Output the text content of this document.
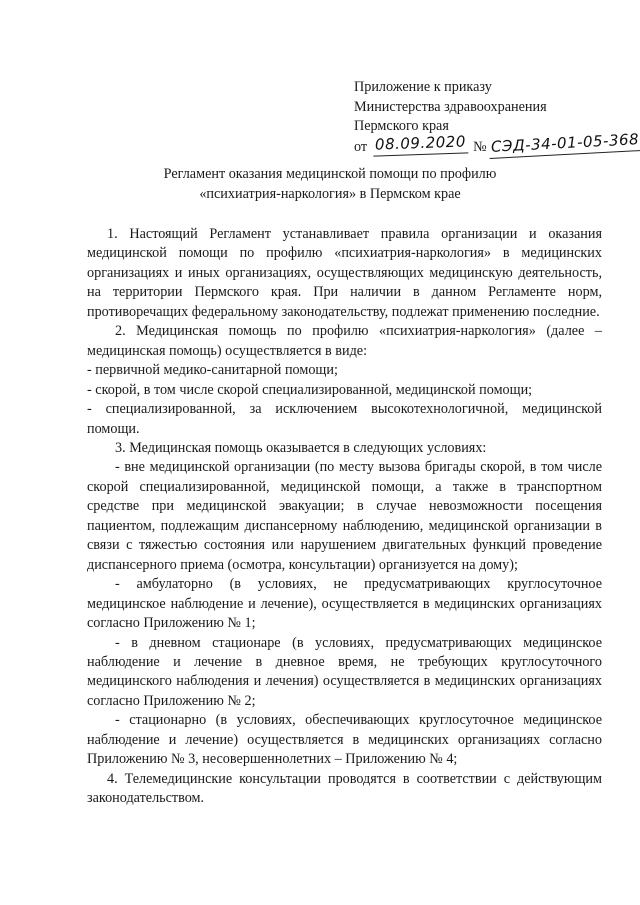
Приложение к приказу
Министерства здравоохранения
Пермского края
от 08.09.2020 № СЭД-34-01-05-368
Регламент оказания медицинской помощи по профилю
«психиатрия-наркология» в Пермском крае

1. Настоящий Регламент устанавливает правила организации и оказания медицинской помощи по профилю «психиатрия-наркология» в медицинских организациях и иных организациях, осуществляющих медицинскую деятельность, на территории Пермского края. При наличии в данном Регламенте норм, противоречащих федеральному законодательству, подлежат применению последние.

2. Медицинская помощь по профилю «психиатрия-наркология» (далее – медицинская помощь) осуществляется в виде:

- первичной медико-санитарной помощи;

- скорой, в том числе скорой специализированной, медицинской помощи;

- специализированной, за исключением высокотехнологичной, медицинской помощи.

3. Медицинская помощь оказывается в следующих условиях:

- вне медицинской организации (по месту вызова бригады скорой, в том числе скорой специализированной, медицинской помощи, а также в транспортном средстве при медицинской эвакуации; в случае невозможности посещения пациентом, подлежащим диспансерному наблюдению, медицинской организации в связи с тяжестью состояния или нарушением двигательных функций проведение диспансерного приема (осмотра, консультации) организуется на дому);

- амбулаторно (в условиях, не предусматривающих круглосуточное медицинское наблюдение и лечение), осуществляется в медицинских организациях согласно Приложению № 1;

- в дневном стационаре (в условиях, предусматривающих медицинское наблюдение и лечение в дневное время, не требующих круглосуточного медицинского наблюдения и лечения) осуществляется в медицинских организациях согласно Приложению № 2;

- стационарно (в условиях, обеспечивающих круглосуточное медицинское наблюдение и лечение) осуществляется в медицинских организациях согласно Приложению № 3, несовершеннолетних – Приложению № 4;

4. Телемедицинские консультации проводятся в соответствии с действующим законодательством.
